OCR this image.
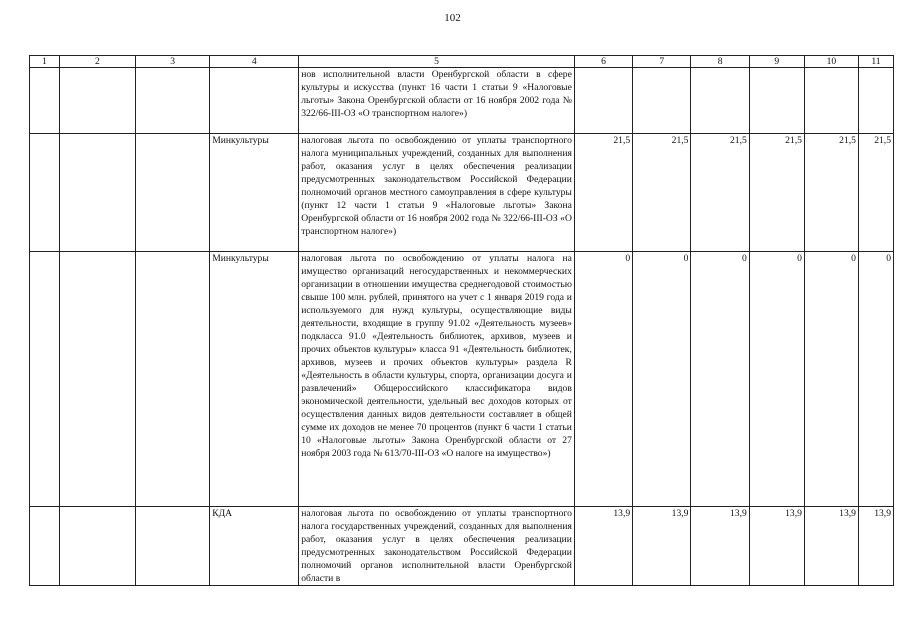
102
1	2	3	4	5	6	7	8	9	10	11
				нов исполнительной власти Оренбургской области в сфере культуры и искусства (пункт 16 части 1 статьи 9 «Налоговые льготы» Закона Оренбургской области от 16 ноября 2002 года № 322/66-III-ОЗ «О транспортном налоге»)						
			Минкультуры	налоговая льгота по освобождению от уплаты транспортного налога муниципальных учреждений, созданных для выполнения работ, оказания услуг в целях обеспечения реализации предусмотренных законодательством Российской Федерации полномочий органов местного самоуправления в сфере культуры (пункт 12 части 1 статьи 9 «Налоговые льготы» Закона Оренбургской области от 16 ноября 2002 года № 322/66-III-ОЗ «О транспортном налоге»)	21,5	21,5	21,5	21,5	21,5	21,5
			Минкультуры	налоговая льгота по освобождению от уплаты налога на имущество организаций негосударственных и некоммерческих организации в отношении имущества среднегодовой стоимостью свыше 100 млн. рублей, принятого на учет с 1 января 2019 года и используемого для нужд культуры, осуществляющие виды деятельности, входящие в группу 91.02 «Деятельность музеев» подкласса 91.0 «Деятельность библиотек, архивов, музеев и прочих объектов культуры» класса 91 «Деятельность библиотек, архивов, музеев и прочих объектов культуры» раздела R «Деятельность в области культуры, спорта, организации досуга и развлечений» Общероссийского классификатора видов экономической деятельности, удельный вес доходов которых от осуществления данных видов деятельности составляет в общей сумме их доходов не менее 70 процентов (пункт 6 части 1 статьи 10 «Налоговые льготы» Закона Оренбургской области от 27 ноября 2003 года № 613/70-III-ОЗ «О налоге на имущество»)	0	0	0	0	0	0
			КДА	налоговая льгота по освобождению от уплаты транспортного налога государственных учреждений, созданных для выполнения работ, оказания услуг в целях обеспечения реализации предусмотренных законодательством Российской Федерации полномочий органов исполнительной власти Оренбургской области в	13,9	13,9	13,9	13,9	13,9	13,9
